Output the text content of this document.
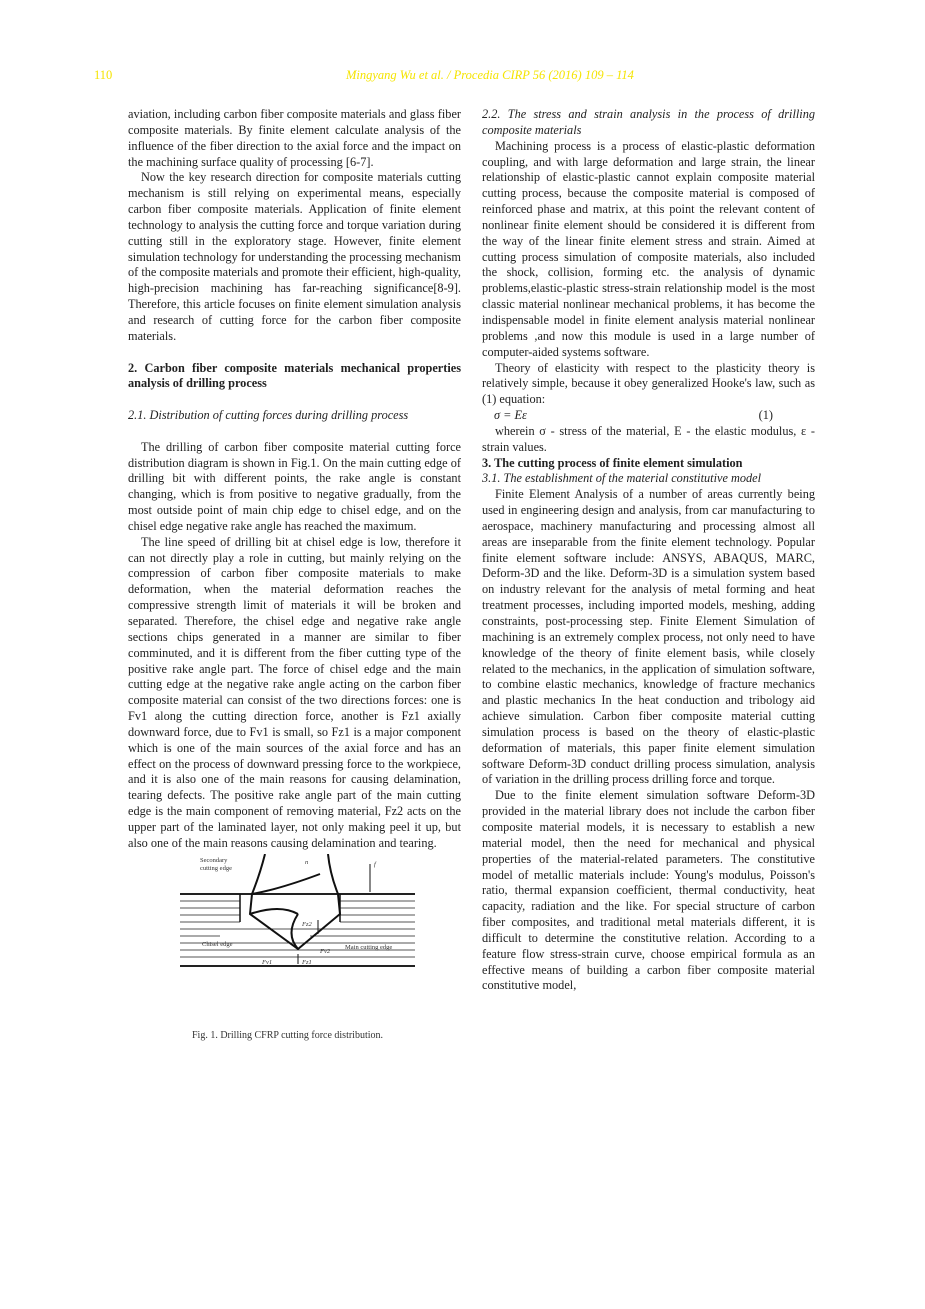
110	Mingyang Wu et al. / Procedia CIRP 56 (2016) 109 – 114

aviation, including carbon fiber composite materials and glass fiber composite materials. By finite element calculate analysis of the influence of the fiber direction to the axial force and the impact on the machining surface quality of processing [6-7].

Now the key research direction for composite materials cutting mechanism is still relying on experimental means, especially carbon fiber composite materials. Application of finite element technology to analysis the cutting force and torque variation during cutting still in the exploratory stage. However, finite element simulation technology for understanding the processing mechanism of the composite materials and promote their efficient, high-quality, high-precision machining has far-reaching significance[8-9]. Therefore, this article focuses on finite element simulation analysis and research of cutting force for the carbon fiber composite materials.

2. Carbon fiber composite materials mechanical properties analysis of drilling process
2.1. Distribution of cutting forces during drilling process

The drilling of carbon fiber composite material cutting force distribution diagram is shown in Fig.1. On the main cutting edge of drilling bit with different points, the rake angle is constant changing, which is from positive to negative gradually, from the most outside point of main chip edge to chisel edge, and on the chisel edge negative rake angle has reached the maximum.

The line speed of drilling bit at chisel edge is low, therefore it can not directly play a role in cutting, but mainly relying on the compression of carbon fiber composite materials to make deformation, when the material deformation reaches the compressive strength limit of materials it will be broken and separated. Therefore, the chisel edge and negative rake angle sections chips generated in a manner are similar to fiber comminuted, and it is different from the fiber cutting type of the positive rake angle part. The force of chisel edge and the main cutting edge at the negative rake angle acting on the carbon fiber composite material can consist of the two directions forces: one is Fv1 along the cutting direction force, another is Fz1 axially downward force, due to Fv1 is small, so Fz1 is a major component which is one of the main sources of the axial force and has an effect on the process of downward pressing force to the workpiece, and it is also one of the main reasons for causing delamination, tearing defects. The positive rake angle part of the main cutting edge is the main component of removing material, Fz2 acts on the upper part of the laminated layer, not only making peel it up, but also one of the main reasons causing delamination and tearing.

Secondary
cutting edge
n	f
Fz2
Chisel edge
Fv2
Main cutting edge
Fv1	Fz1
Fig. 1. Drilling CFRP cutting force distribution.
2.2. The stress and strain analysis in the process of drilling composite materials

Machining process is a process of elastic-plastic deformation coupling, and with large deformation and large strain, the linear relationship of elastic-plastic cannot explain composite material cutting process, because the composite material is composed of reinforced phase and matrix, at this point the relevant content of nonlinear finite element should be considered it is different from the way of the linear finite element stress and strain. Aimed at cutting process simulation of composite materials, also included the shock, collision, forming etc. the analysis of dynamic problems,elastic-plastic stress-strain relationship model is the most classic material nonlinear mechanical problems, it has become the indispensable model in finite element analysis material nonlinear problems ,and now this module is used in a large number of computer-aided systems software.

Theory of elasticity with respect to the plasticity theory is relatively simple, because it obey generalized Hooke's law, such as (1) equation:

σ = Eε	(1)

wherein σ - stress of the material, E - the elastic modulus, ε -strain values.

3. The cutting process of finite element simulation
3.1. The establishment of the material constitutive model

Finite Element Analysis of a number of areas currently being used in engineering design and analysis, from car manufacturing to aerospace, machinery manufacturing and processing almost all areas are inseparable from the finite element technology. Popular finite element software include: ANSYS, ABAQUS, MARC, Deform-3D and the like. Deform-3D is a simulation system based on industry relevant for the analysis of metal forming and heat treatment processes, including imported models, meshing, adding constraints, post-processing step. Finite Element Simulation of machining is an extremely complex process, not only need to have knowledge of the theory of finite element basis, while closely related to the mechanics, in the application of simulation software, to combine elastic mechanics, knowledge of fracture mechanics and plastic mechanics In the heat conduction and tribology aid achieve simulation. Carbon fiber composite material cutting simulation process is based on the theory of elastic-plastic deformation of materials, this paper finite element simulation software Deform-3D conduct drilling process simulation, analysis of variation in the drilling process drilling force and torque.

Due to the finite element simulation software Deform-3D provided in the material library does not include the carbon fiber composite material models, it is necessary to establish a new material model, then the need for mechanical and physical properties of the material-related parameters. The constitutive model of metallic materials include: Young's modulus, Poisson's ratio, thermal expansion coefficient, thermal conductivity, heat capacity, radiation and the like. For special structure of carbon fiber composites, and traditional metal materials different, it is difficult to determine the constitutive relation. According to a feature flow stress-strain curve, choose empirical formula as an effective means of building a carbon fiber composite material constitutive model,
